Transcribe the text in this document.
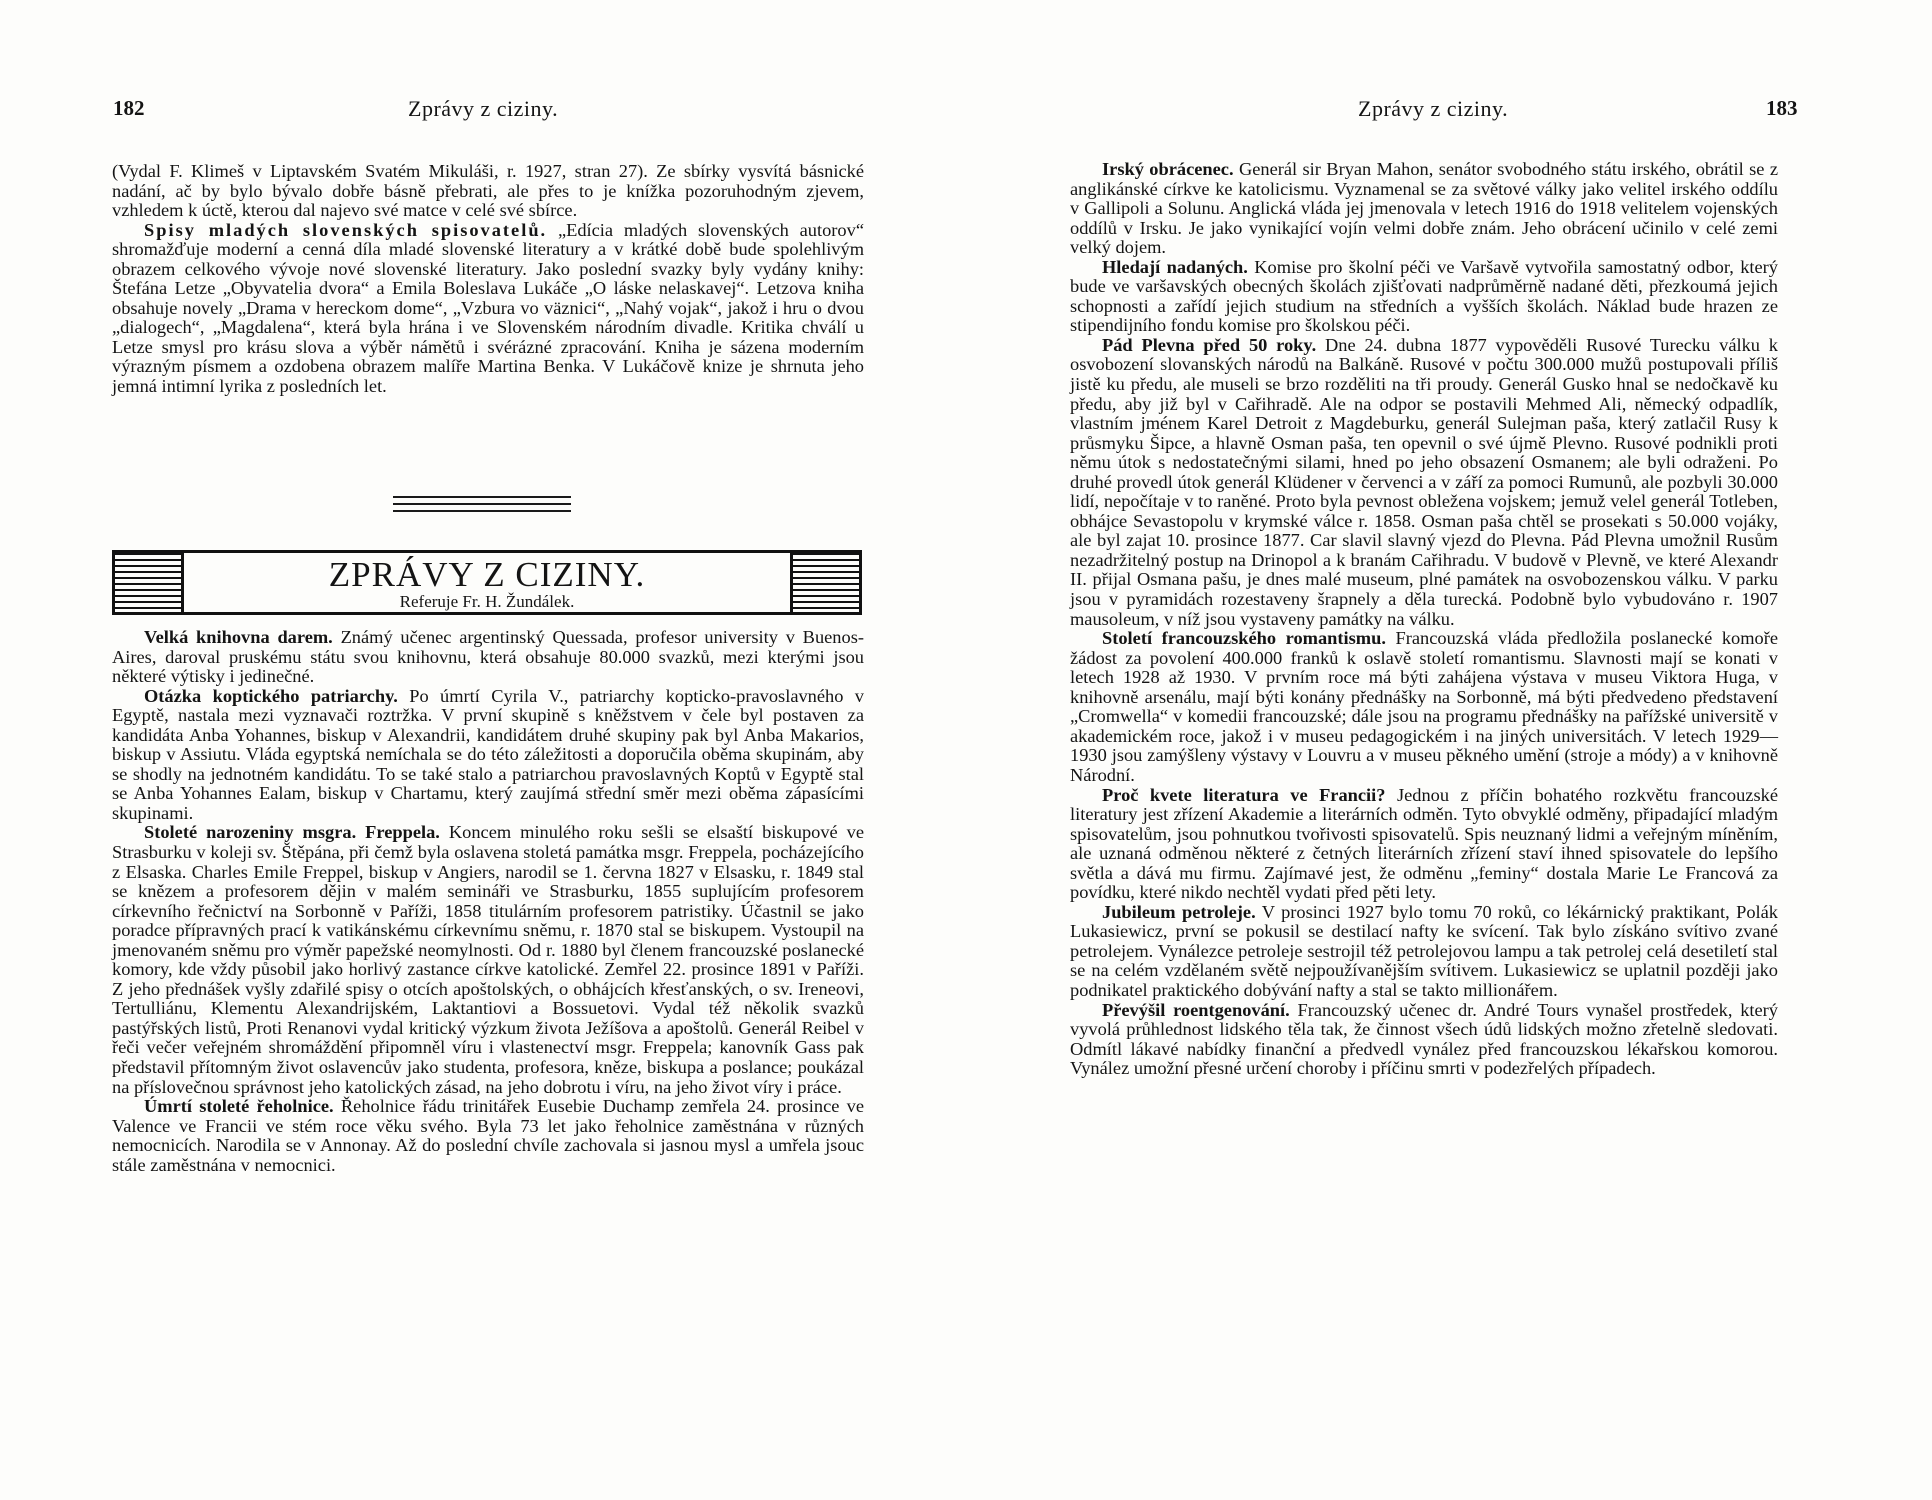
182	Zprávy z ciziny.

(Vydal F. Klimeš v Liptavském Svatém Mikuláši, r. 1927, stran 27). Ze sbírky vysvítá básnické nadání, ač by bylo bývalo dobře básně přebrati, ale přes to je knížka pozoruhodným zjevem, vzhledem k úctě, kterou dal najevo své matce v celé své sbírce.

Spisy mladých slovenských spisovatelů. „Edícia mladých slovenských autorov“ shromažďuje moderní a cenná díla mladé slovenské literatury a v krátké době bude spolehlivým obrazem celkového vývoje nové slovenské literatury. Jako poslední svazky byly vydány knihy: Štefána Letze „Obyvatelia dvora“ a Emila Boleslava Lukáče „O láske nelaskavej“. Letzova kniha obsahuje novely „Drama v hereckom dome“, „Vzbura vo väznici“, „Nahý vojak“, jakož i hru o dvou „dialogech“, „Magdalena“, která byla hrána i ve Slovenském národním divadle. Kritika chválí u Letze smysl pro krásu slova a výběr námětů i svérázné zpracování. Kniha je sázena moderním výrazným písmem a ozdobena obrazem malíře Martina Benka. V Lukáčově knize je shrnuta jeho jemná intimní lyrika z posledních let.

ZPRÁVY Z CIZINY.
Referuje Fr. H. Žundálek.

Velká knihovna darem. Známý učenec argentinský Quessada, profesor university v Buenos-Aires, daroval pruskému státu svou knihovnu, která obsahuje 80.000 svazků, mezi kterými jsou některé výtisky i jedinečné.

Otázka koptického patriarchy. Po úmrtí Cyrila V., patriarchy kopticko-pravoslavného v Egyptě, nastala mezi vyznavači roztržka. V první skupině s kněžstvem v čele byl postaven za kandidáta Anba Yohannes, biskup v Alexandrii, kandidátem druhé skupiny pak byl Anba Makarios, biskup v Assiutu. Vláda egyptská nemíchala se do této záležitosti a doporučila oběma skupinám, aby se shodly na jednotném kandidátu. To se také stalo a patriarchou pravoslavných Koptů v Egyptě stal se Anba Yohannes Ealam, biskup v Chartamu, který zaujímá střední směr mezi oběma zápasícími skupinami.

Stoleté narozeniny msgra. Freppela. Koncem minulého roku sešli se elsaští biskupové ve Strasburku v koleji sv. Štěpána, při čemž byla oslavena stoletá památka msgr. Freppela, pocházejícího z Elsaska. Charles Emile Freppel, biskup v Angiers, narodil se 1. června 1827 v Elsasku, r. 1849 stal se knězem a profesorem dějin v malém semináři ve Strasburku, 1855 suplujícím profesorem církevního řečnictví na Sorbonně v Paříži, 1858 titulárním profesorem patristiky. Účastnil se jako poradce přípravných prací k vatikánskému církevnímu sněmu, r. 1870 stal se biskupem. Vystoupil na jmenovaném sněmu pro výměr papežské neomylnosti. Od r. 1880 byl členem francouzské poslanecké komory, kde vždy působil jako horlivý zastance církve katolické. Zemřel 22. prosince 1891 v Paříži. Z jeho přednášek vyšly zdařilé spisy o otcích apoštolských, o obhájcích křesťanských, o sv. Ireneovi, Tertulliánu, Klementu Alexandrijském, Laktantiovi a Bossuetovi. Vydal též několik svazků pastýřských listů, Proti Renanovi vydal kritický výzkum života Ježíšova a apoštolů. Generál Reibel v řeči večer veřejném shromáždění připomněl víru i vlastenectví msgr. Freppela; kanovník Gass pak představil přítomným život oslavencův jako studenta, profesora, kněze, biskupa a poslance; poukázal na příslovečnou správnost jeho katolických zásad, na jeho dobrotu i víru, na jeho život víry i práce.

Úmrtí stoleté řeholnice. Řeholnice řádu trinitářek Eusebie Duchamp zemřela 24. prosince ve Valence ve Francii ve stém roce věku svého. Byla 73 let jako řeholnice zaměstnána v různých nemocnicích. Narodila se v Annonay. Až do poslední chvíle zachovala si jasnou mysl a umřela jsouc stále zaměstnána v nemocnici.

Zprávy z ciziny.	183

Irský obrácenec. Generál sir Bryan Mahon, senátor svobodného státu irského, obrátil se z anglikánské církve ke katolicismu. Vyznamenal se za světové války jako velitel irského oddílu v Gallipoli a Solunu. Anglická vláda jej jmenovala v letech 1916 do 1918 velitelem vojenských oddílů v Irsku. Je jako vynikající vojín velmi dobře znám. Jeho obrácení učinilo v celé zemi velký dojem.

Hledají nadaných. Komise pro školní péči ve Varšavě vytvořila samostatný odbor, který bude ve varšavských obecných školách zjišťovati nadprůměrně nadané děti, přezkoumá jejich schopnosti a zařídí jejich studium na středních a vyšších školách. Náklad bude hrazen ze stipendijního fondu komise pro školskou péči.

Pád Plevna před 50 roky. Dne 24. dubna 1877 vypověděli Rusové Turecku válku k osvobození slovanských národů na Balkáně. Rusové v počtu 300.000 mužů postupovali příliš jistě ku předu, ale museli se brzo rozděliti na tři proudy. Generál Gusko hnal se nedočkavě ku předu, aby již byl v Cařihradě. Ale na odpor se postavili Mehmed Ali, německý odpadlík, vlastním jménem Karel Detroit z Magdeburku, generál Sulejman paša, který zatlačil Rusy k průsmyku Šipce, a hlavně Osman paša, ten opevnil o své újmě Plevno. Rusové podnikli proti němu útok s nedostatečnými silami, hned po jeho obsazení Osmanem; ale byli odraženi. Po druhé provedl útok generál Klüdener v červenci a v září za pomoci Rumunů, ale pozbyli 30.000 lidí, nepočítaje v to raněné. Proto byla pevnost obležena vojskem; jemuž velel generál Totleben, obhájce Sevastopolu v krymské válce r. 1858. Osman paša chtěl se prosekati s 50.000 vojáky, ale byl zajat 10. prosince 1877. Car slavil slavný vjezd do Plevna. Pád Plevna umožnil Rusům nezadržitelný postup na Drinopol a k branám Cařihradu. V budově v Plevně, ve které Alexandr II. přijal Osmana pašu, je dnes malé museum, plné památek na osvobozenskou válku. V parku jsou v pyramidách rozestaveny šrapnely a děla turecká. Podobně bylo vybudováno r. 1907 mausoleum, v níž jsou vystaveny památky na válku.

Století francouzského romantismu. Francouzská vláda předložila poslanecké komoře žádost za povolení 400.000 franků k oslavě století romantismu. Slavnosti mají se konati v letech 1928 až 1930. V prvním roce má býti zahájena výstava v museu Viktora Huga, v knihovně arsenálu, mají býti konány přednášky na Sorbonně, má býti předvedeno představení „Cromwella“ v komedii francouzské; dále jsou na programu přednášky na pařížské universitě v akademickém roce, jakož i v museu pedagogickém i na jiných universitách. V letech 1929—1930 jsou zamýšleny výstavy v Louvru a v museu pěkného umění (stroje a módy) a v knihovně Národní.

Proč kvete literatura ve Francii? Jednou z příčin bohatého rozkvětu francouzské literatury jest zřízení Akademie a literárních odměn. Tyto obvyklé odměny, připadající mladým spisovatelům, jsou pohnutkou tvořivosti spisovatelů. Spis neuznaný lidmi a veřejným míněním, ale uznaná odměnou některé z četných literárních zřízení staví ihned spisovatele do lepšího světla a dává mu firmu. Zajímavé jest, že odměnu „feminy“ dostala Marie Le Francová za povídku, které nikdo nechtěl vydati před pěti lety.

Jubileum petroleje. V prosinci 1927 bylo tomu 70 roků, co lékárnický praktikant, Polák Lukasiewicz, první se pokusil se destilací nafty ke svícení. Tak bylo získáno svítivo zvané petrolejem. Vynálezce petroleje sestrojil též petrolejovou lampu a tak petrolej celá desetiletí stal se na celém vzdělaném světě nejpoužívanějším svítivem. Lukasiewicz se uplatnil později jako podnikatel praktického dobývání nafty a stal se takto millionářem.

Převýšil roentgenování. Francouzský učenec dr. André Tours vynašel prostředek, který vyvolá průhlednost lidského těla tak, že činnost všech údů lidských možno zřetelně sledovati. Odmítl lákavé nabídky finanční a předvedl vynález před francouzskou lékařskou komorou. Vynález umožní přesné určení choroby i příčinu smrti v podezřelých případech.
